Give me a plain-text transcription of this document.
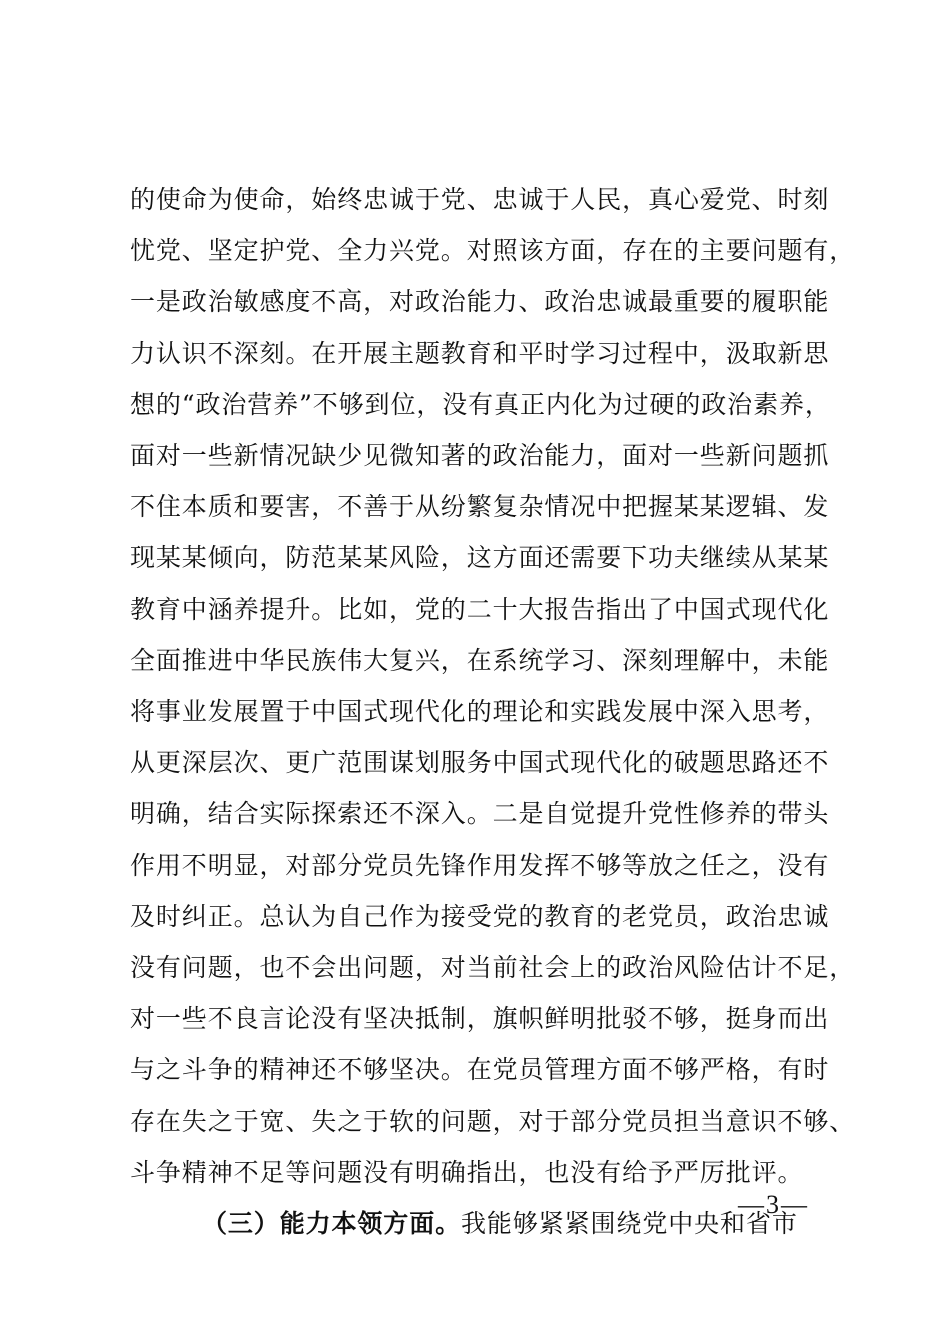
的使命为使命，始终忠诚于党、忠诚于人民，真心爱党、时刻
忧党、坚定护党、全力兴党。对照该方面，存在的主要问题有，
一是政治敏感度不高，对政治能力、政治忠诚最重要的履职能
力认识不深刻。在开展主题教育和平时学习过程中，汲取新思
想的“政治营养”不够到位，没有真正内化为过硬的政治素养，
面对一些新情况缺少见微知著的政治能力，面对一些新问题抓
不住本质和要害，不善于从纷繁复杂情况中把握某某逻辑、发
现某某倾向，防范某某风险，这方面还需要下功夫继续从某某
教育中涵养提升。比如，党的二十大报告指出了中国式现代化
全面推进中华民族伟大复兴，在系统学习、深刻理解中，未能
将事业发展置于中国式现代化的理论和实践发展中深入思考，
从更深层次、更广范围谋划服务中国式现代化的破题思路还不
明确，结合实际探索还不深入。二是自觉提升党性修养的带头
作用不明显，对部分党员先锋作用发挥不够等放之任之，没有
及时纠正。总认为自己作为接受党的教育的老党员，政治忠诚
没有问题，也不会出问题，对当前社会上的政治风险估计不足，
对一些不良言论没有坚决抵制，旗帜鲜明批驳不够，挺身而出
与之斗争的精神还不够坚决。在党员管理方面不够严格，有时
存在失之于宽、失之于软的问题，对于部分党员担当意识不够、
斗争精神不足等问题没有明确指出，也没有给予严厉批评。
（三）能力本领方面。我能够紧紧围绕党中央和省市
—3—
